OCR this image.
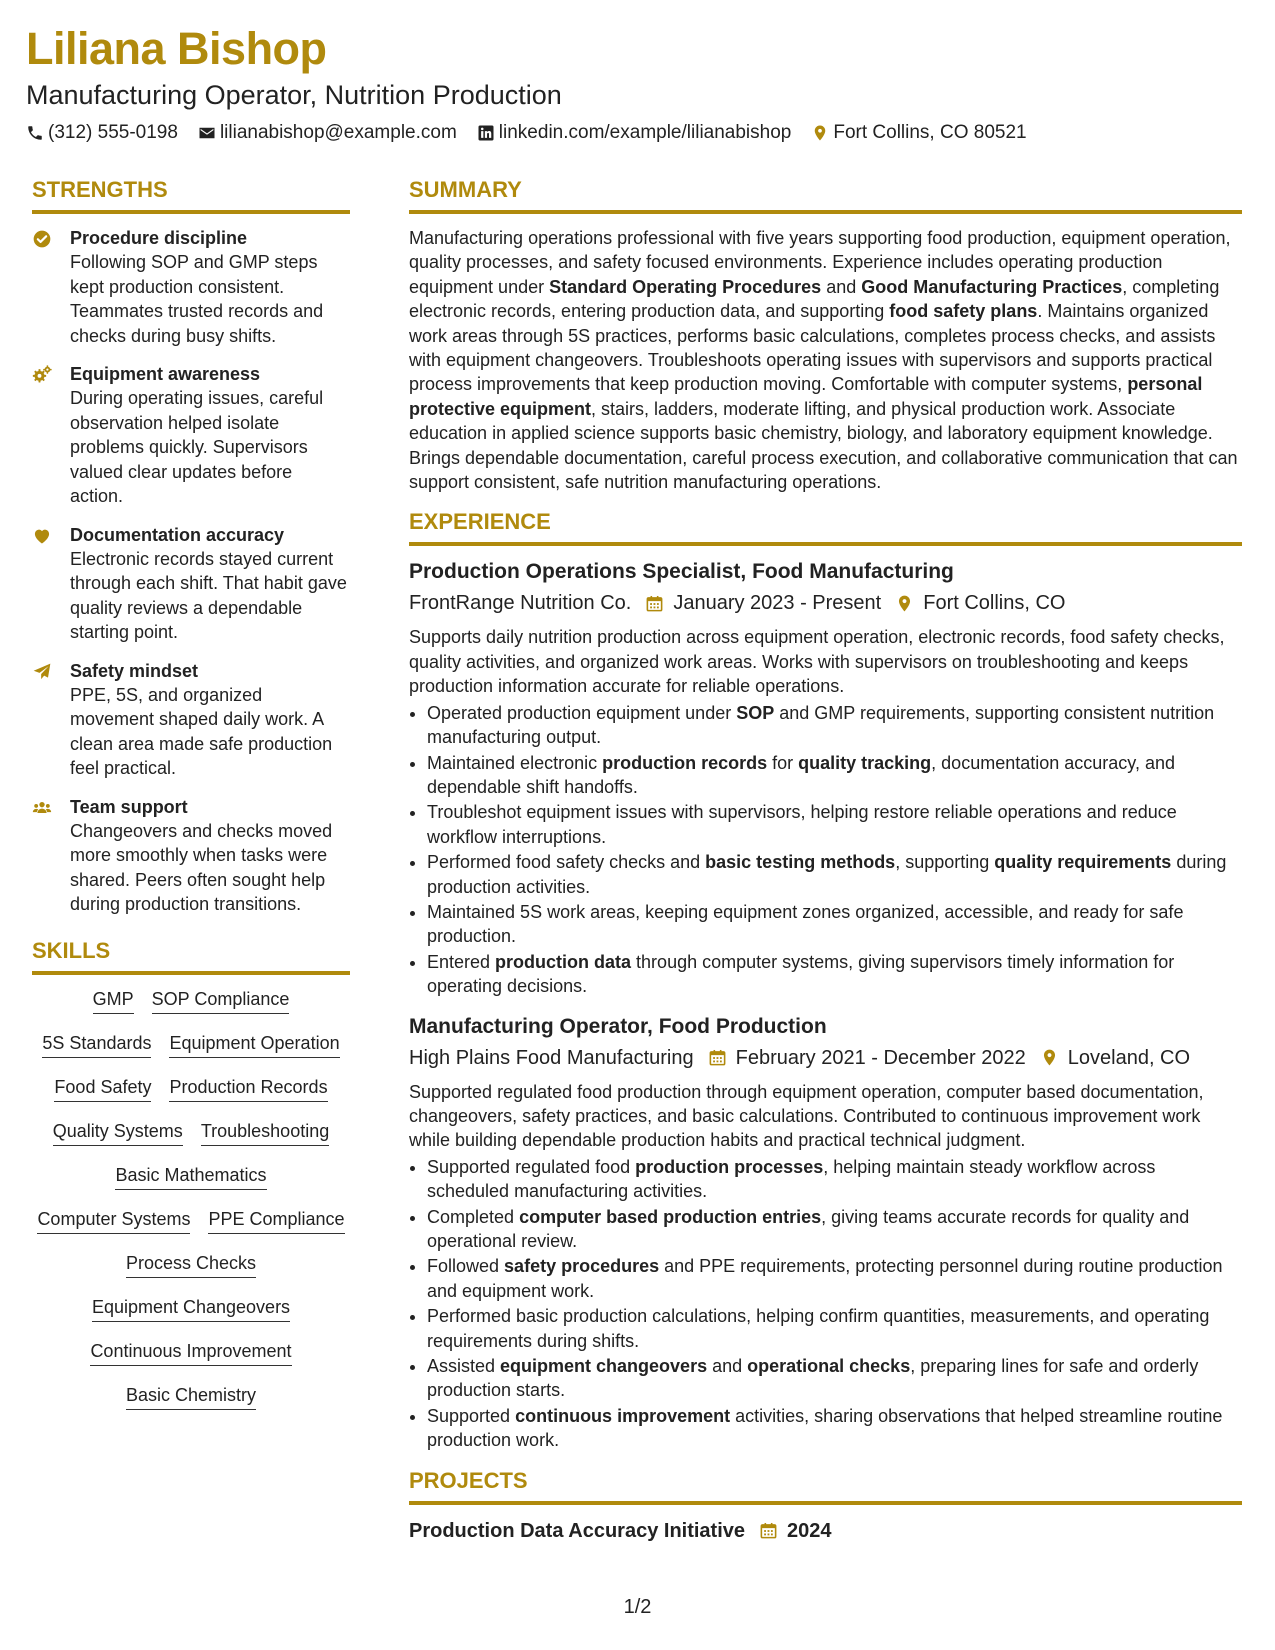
Liliana Bishop
Manufacturing Operator, Nutrition Production
(312) 555-0198 lilianabishop@example.com linkedin.com/example/lilianabishop Fort Collins, CO 80521
STRENGTHS
Procedure discipline
Following SOP and GMP steps kept production consistent. Teammates trusted records and checks during busy shifts.
Equipment awareness
During operating issues, careful observation helped isolate problems quickly. Supervisors valued clear updates before action.
Documentation accuracy
Electronic records stayed current through each shift. That habit gave quality reviews a dependable starting point.
Safety mindset
PPE, 5S, and organized movement shaped daily work. A clean area made safe production feel practical.
Team support
Changeovers and checks moved more smoothly when tasks were shared. Peers often sought help during production transitions.
SKILLS
GMP SOP Compliance
5S Standards Equipment Operation
Food Safety Production Records
Quality Systems Troubleshooting
Basic Mathematics
Computer Systems PPE Compliance
Process Checks
Equipment Changeovers
Continuous Improvement
Basic Chemistry
SUMMARY
Manufacturing operations professional with five years supporting food production, equipment operation, quality processes, and safety focused environments. Experience includes operating production equipment under Standard Operating Procedures and Good Manufacturing Practices, completing electronic records, entering production data, and supporting food safety plans. Maintains organized work areas through 5S practices, performs basic calculations, completes process checks, and assists with equipment changeovers. Troubleshoots operating issues with supervisors and supports practical process improvements that keep production moving. Comfortable with computer systems, personal protective equipment, stairs, ladders, moderate lifting, and physical production work. Associate education in applied science supports basic chemistry, biology, and laboratory equipment knowledge. Brings dependable documentation, careful process execution, and collaborative communication that can support consistent, safe nutrition manufacturing operations.
EXPERIENCE
Production Operations Specialist, Food Manufacturing
FrontRange Nutrition Co. January 2023 - Present Fort Collins, CO
Supports daily nutrition production across equipment operation, electronic records, food safety checks, quality activities, and organized work areas. Works with supervisors on troubleshooting and keeps production information accurate for reliable operations.
• Operated production equipment under SOP and GMP requirements, supporting consistent nutrition manufacturing output.
• Maintained electronic production records for quality tracking, documentation accuracy, and dependable shift handoffs.
• Troubleshot equipment issues with supervisors, helping restore reliable operations and reduce workflow interruptions.
• Performed food safety checks and basic testing methods, supporting quality requirements during production activities.
• Maintained 5S work areas, keeping equipment zones organized, accessible, and ready for safe production.
• Entered production data through computer systems, giving supervisors timely information for operating decisions.
Manufacturing Operator, Food Production
High Plains Food Manufacturing February 2021 - December 2022 Loveland, CO
Supported regulated food production through equipment operation, computer based documentation, changeovers, safety practices, and basic calculations. Contributed to continuous improvement work while building dependable production habits and practical technical judgment.
• Supported regulated food production processes, helping maintain steady workflow across scheduled manufacturing activities.
• Completed computer based production entries, giving teams accurate records for quality and operational review.
• Followed safety procedures and PPE requirements, protecting personnel during routine production and equipment work.
• Performed basic production calculations, helping confirm quantities, measurements, and operating requirements during shifts.
• Assisted equipment changeovers and operational checks, preparing lines for safe and orderly production starts.
• Supported continuous improvement activities, sharing observations that helped streamline routine production work.
PROJECTS
Production Data Accuracy Initiative 2024
1/2
